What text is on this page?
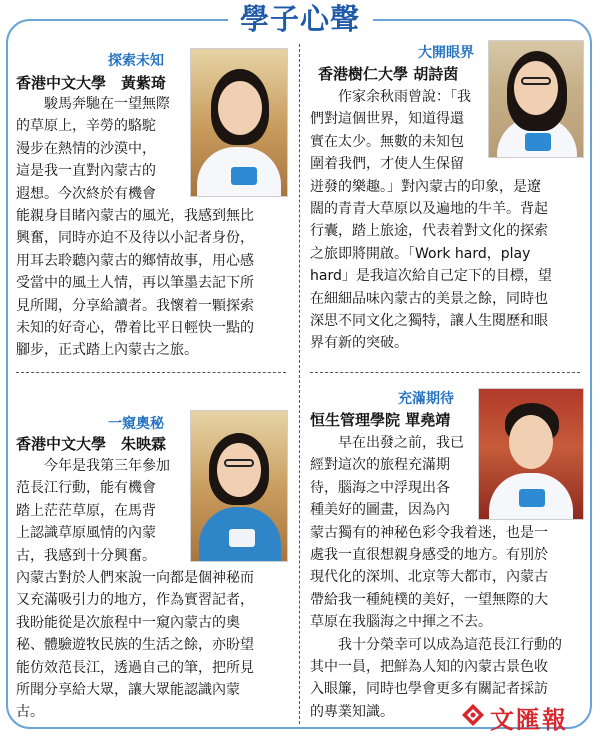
學子心聲
探索未知
香港中文大學　黃紫琦
　　駿馬奔馳在一望無際
的草原上，辛勞的駱駝
漫步在熱情的沙漠中，
這是我一直對內蒙古的
遐想。今次終於有機會
能親身目睹內蒙古的風光，我感到無比
興奮，同時亦迫不及待以小記者身份，
用耳去聆聽內蒙古的鄉情故事，用心感
受當中的風土人情，再以筆墨去記下所
見所聞，分享給讀者。我懷着一顆探索
未知的好奇心，帶着比平日輕快一點的
腳步，正式踏上內蒙古之旅。
大開眼界
香港樹仁大學 胡詩茵
　　作家余秋雨曾說：「我
們對這個世界，知道得還
實在太少。無數的未知包
圍着我們，才使人生保留
迸發的樂趣。」對內蒙古的印象，是遼
闊的青青大草原以及遍地的牛羊。背起
行囊，踏上旅途，代表着對文化的探索
之旅即將開啟。「Work hard，play
hard」是我這次給自己定下的目標，望
在細細品味內蒙古的美景之餘，同時也
深思不同文化之獨特，讓人生閱歷和眼
界有新的突破。
一窺奧秘
香港中文大學　朱映霖
　　今年是我第三年參加
范長江行動，能有機會
踏上茫茫草原，在馬背
上認識草原風情的內蒙
古，我感到十分興奮。
內蒙古對於人們來說一向都是個神秘而
又充滿吸引力的地方，作為實習記者，
我盼能從是次旅程中一窺內蒙古的奧
秘、體驗遊牧民族的生活之餘，亦盼望
能仿效范長江，透過自己的筆，把所見
所聞分享給大眾，讓大眾能認識內蒙
古。
充滿期待
恒生管理學院 單堯靖
　　早在出發之前，我已
經對這次的旅程充滿期
待，腦海之中浮現出各
種美好的圖畫，因為內
蒙古獨有的神秘色彩令我着迷，也是一
處我一直很想親身感受的地方。有別於
現代化的深圳、北京等大都市，內蒙古
帶給我一種純樸的美好，一望無際的大
草原在我腦海之中揮之不去。
　　我十分榮幸可以成為這范長江行動的
其中一員，把鮮為人知的內蒙古景色收
入眼簾，同時也學會更多有關記者採訪
的專業知識。	文匯報
